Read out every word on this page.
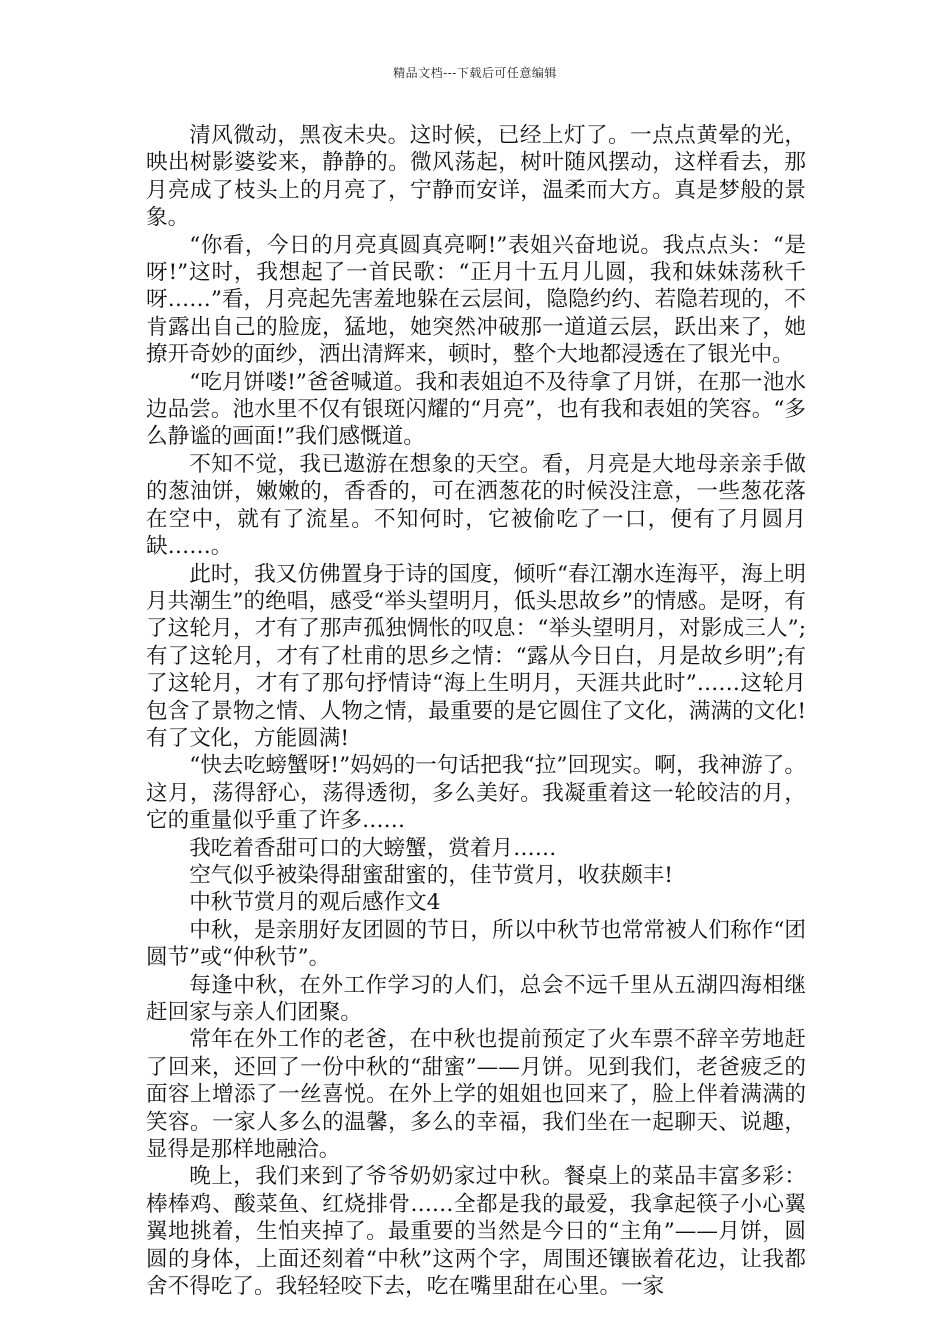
精品文档---下载后可任意编辑

清风微动，黑夜未央。这时候，已经上灯了。一点点黄晕的光，映出树影婆娑来，静静的。微风荡起，树叶随风摆动，这样看去，那月亮成了枝头上的月亮了，宁静而安详，温柔而大方。真是梦般的景象。

“你看，今日的月亮真圆真亮啊!”表姐兴奋地说。我点点头：“是呀!”这时，我想起了一首民歌：“正月十五月儿圆，我和妹妹荡秋千呀……”看，月亮起先害羞地躲在云层间，隐隐约约、若隐若现的，不肯露出自己的脸庞，猛地，她突然冲破那一道道云层，跃出来了，她撩开奇妙的面纱，洒出清辉来，顿时，整个大地都浸透在了银光中。

“吃月饼喽!”爸爸喊道。我和表姐迫不及待拿了月饼，在那一池水边品尝。池水里不仅有银斑闪耀的“月亮”，也有我和表姐的笑容。“多么静谧的画面!”我们感慨道。

不知不觉，我已遨游在想象的天空。看，月亮是大地母亲亲手做的葱油饼，嫩嫩的，香香的，可在洒葱花的时候没注意，一些葱花落在空中，就有了流星。不知何时，它被偷吃了一口，便有了月圆月缺……。

此时，我又仿佛置身于诗的国度，倾听“春江潮水连海平，海上明月共潮生”的绝唱，感受“举头望明月，低头思故乡”的情感。是呀，有了这轮月，才有了那声孤独惆怅的叹息：“举头望明月，对影成三人”;有了这轮月，才有了杜甫的思乡之情：“露从今日白，月是故乡明”;有了这轮月，才有了那句抒情诗“海上生明月，天涯共此时”……这轮月包含了景物之情、人物之情，最重要的是它圆住了文化，满满的文化!有了文化，方能圆满!

“快去吃螃蟹呀!”妈妈的一句话把我“拉”回现实。啊，我神游了。这月，荡得舒心，荡得透彻，多么美好。我凝重着这一轮皎洁的月，它的重量似乎重了许多……

我吃着香甜可口的大螃蟹，赏着月……

空气似乎被染得甜蜜甜蜜的，佳节赏月，收获颇丰!

中秋节赏月的观后感作文4

中秋，是亲朋好友团圆的节日，所以中秋节也常常被人们称作“团圆节”或“仲秋节”。

每逢中秋，在外工作学习的人们，总会不远千里从五湖四海相继赶回家与亲人们团聚。

常年在外工作的老爸，在中秋也提前预定了火车票不辞辛劳地赶了回来，还回了一份中秋的“甜蜜”——月饼。见到我们，老爸疲乏的面容上增添了一丝喜悦。在外上学的姐姐也回来了，脸上伴着满满的笑容。一家人多么的温馨，多么的幸福，我们坐在一起聊天、说趣，显得是那样地融洽。

晚上，我们来到了爷爷奶奶家过中秋。餐桌上的菜品丰富多彩：棒棒鸡、酸菜鱼、红烧排骨……全都是我的最爱，我拿起筷子小心翼翼地挑着，生怕夹掉了。最重要的当然是今日的“主角”——月饼，圆圆的身体，上面还刻着“中秋”这两个字，周围还镶嵌着花边，让我都舍不得吃了。我轻轻咬下去，吃在嘴里甜在心里。一家
